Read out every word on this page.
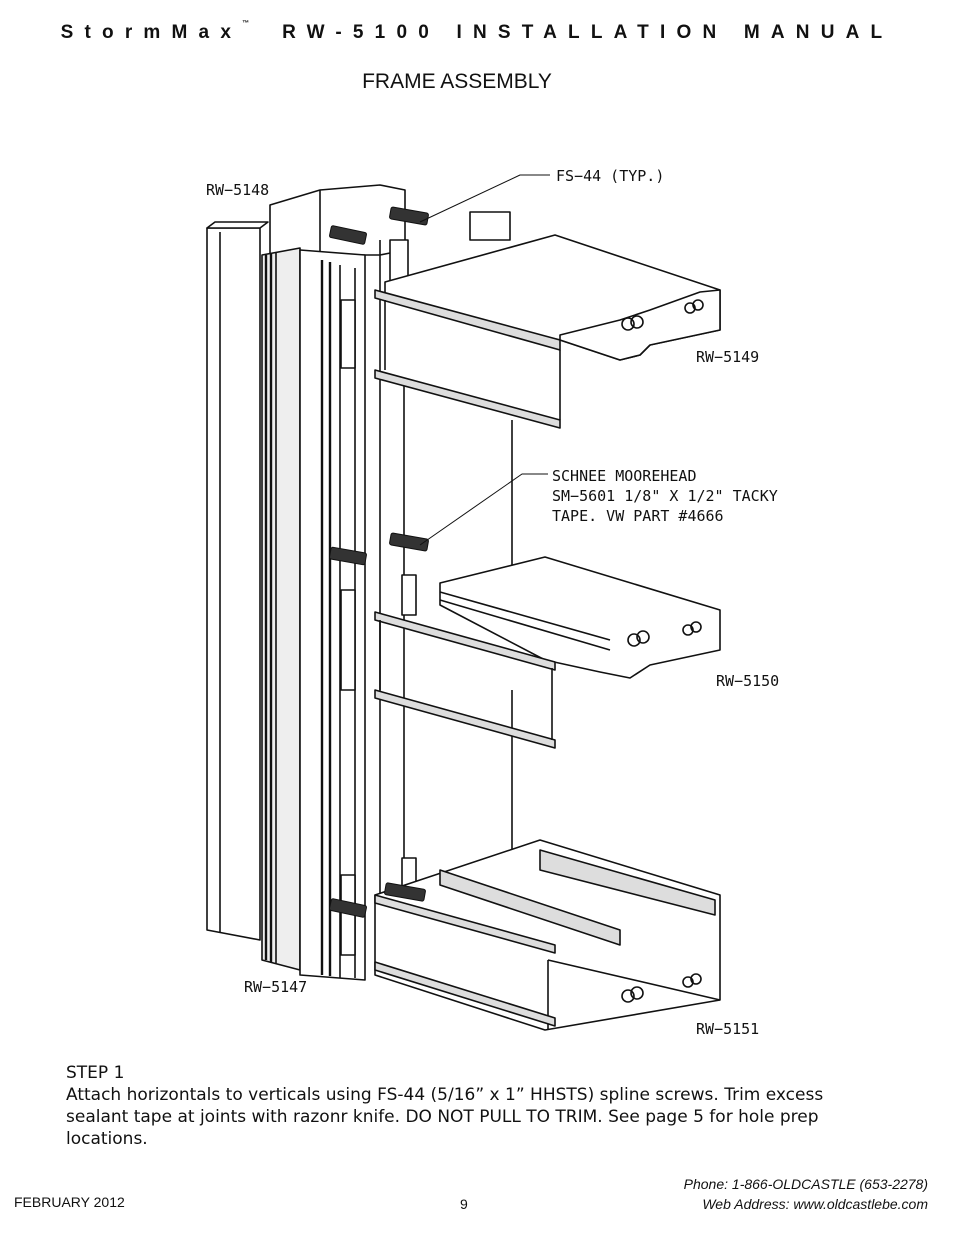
StormMax™ RW-5100 INSTALLATION MANUAL
FRAME ASSEMBLY
RW−5148
FS−44 (TYP.)
RW−5149
SCHNEE MOOREHEAD
SM−5601 1/8" X 1/2" TACKY
TAPE. VW PART #4666
RW−5150
RW−5147
RW−5151
STEP 1
Attach horizontals to verticals using FS-44 (5/16” x 1” HHSTS) spline screws. Trim excess sealant tape at joints with razonr knife. DO NOT PULL TO TRIM. See page 5 for hole prep locations.
FEBRUARY 2012	9
Phone: 1-866-OLDCASTLE (653-2278)
Web Address: www.oldcastlebe.com
